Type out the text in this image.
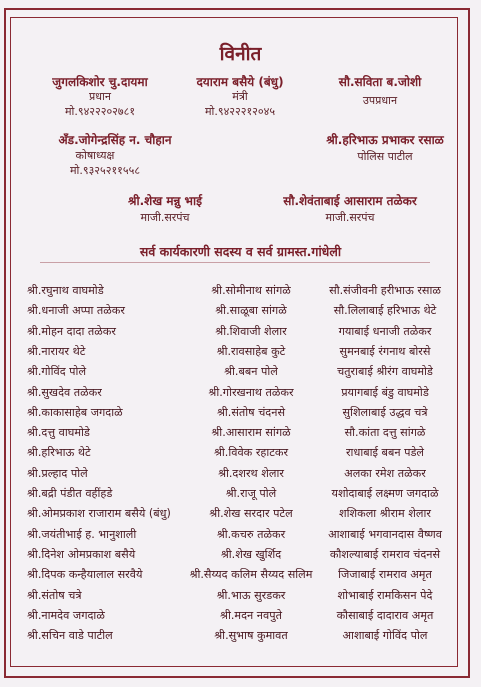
विनीत
जुगलकिशोर चु.दायमा
प्रधान
मो.९४२२२०२७८१
दयाराम बसैये (बंधु)
मंत्री
मो.९४२२२१२०४५
सौ.सविता ब.जोशी
उपप्रधान
अँड.जोगेन्द्रसिंह न. चौहान
कोषाध्यक्ष
मो.९३२५२११५५८
श्री.हरिभाऊ प्रभाकर रसाळ
पोलिस पाटील
श्री.शेख मन्नु भाई
माजी.सरपंच
सौ.शेवंताबाई आसाराम तळेकर
माजी.सरपंच
सर्व कार्यकारणी सदस्य व सर्व ग्रामस्त.गांधेली
श्री.रघुनाथ वाघमोडे
श्री.धनाजी अप्पा तळेकर
श्री.मोहन दादा तळेकर
श्री.नारायर थेटे
श्री.गोविंद पोले
श्री.सुखदेव तळेकर
श्री.काकासाहेब जगदाळे
श्री.दत्तु वाघमोडे
श्री.हरिभाऊ थेटे
श्री.प्रल्हाद पोले
श्री.बद्री पंडीत वहींहडे
श्री.ओमप्रकाश राजाराम बसैये (बंधु)
श्री.जयंतीभाई ह. भानुशाली
श्री.दिनेश ओमप्रकाश बसैये
श्री.दिपक कन्हैयालाल सरवैये
श्री.संतोष चत्रे
श्री.नामदेव जगदाळे
श्री.सचिन वाडे पाटील
श्री.सोमीनाथ सांगळे
श्री.साळूबा सांगळे
श्री.शिवाजी शेलार
श्री.रावसाहेब कुटे
श्री.बबन पोले
श्री.गोरखनाथ तळेकर
श्री.संतोष चंदनसे
श्री.आसाराम सांगळे
श्री.विवेक रहाटकर
श्री.दशरथ शेलार
श्री.राजू पोले
श्री.शेख सरदार पटेल
श्री.कचरु तळेकर
श्री.शेख खुर्शिद
श्री.सैय्यद कलिम सैय्यद सलिम
श्री.भाऊ सुरडकर
श्री.मदन नवपुते
श्री.सुभाष कुमावत
सौ.संजीवनी हरीभाऊ रसाळ
सौ.लिलाबाई हरिभाऊ थेटे
गयाबाई धनाजी तळेकर
सुमनबाई रंगनाथ बोरसे
चतुराबाई श्रीरंग वाघमोडे
प्रयागबाई बंडु वाघमोडे
सुशिलाबाई उद्धव चत्रे
सौ.कांता दत्तु सांगळे
राधाबाई बबन पडेले
अलका रमेश तळेकर
यशोदाबाई लक्ष्मण जगदाळे
शशिकला श्रीराम शेलार
आशाबाई भगवानदास वैष्णव
कौशल्याबाई रामराव चंदनसे
जिजाबाई रामराव अमृत
शोभाबाई रामकिसन पेदे
कौसाबाई दादाराव अमृत
आशाबाई गोविंद पोल
